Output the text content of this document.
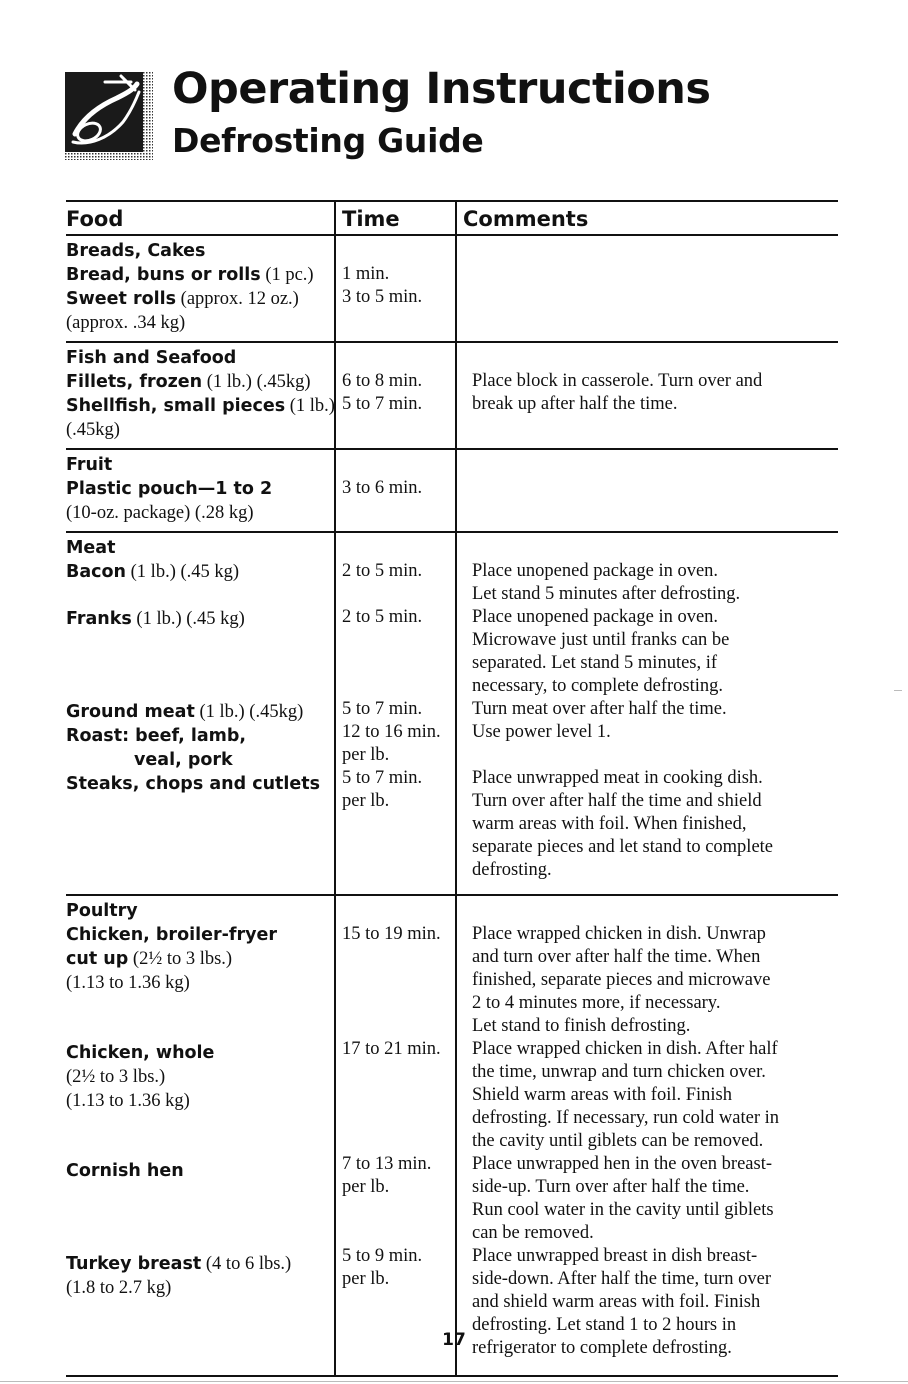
Operating Instructions
Defrosting Guide
Food	Time	Comments
Breads, Cakes
Bread, buns or rolls (1 pc.)
Sweet rolls (approx. 12 oz.)
(approx. .34 kg)
1 min.
3 to 5 min.

Fish and Seafood
Fillets, frozen (1 lb.) (.45kg)
Shellfish, small pieces (1 lb.)
(.45kg)
6 to 8 min.
5 to 7 min.

Place block in casserole. Turn over and
break up after half the time.

Fruit
Plastic pouch—1 to 2
(10-oz. package) (.28 kg)
3 to 6 min.

Meat
Bacon (1 lb.) (.45 kg)

Franks (1 lb.) (.45 kg)

Ground meat (1 lb.) (.45kg)
Roast: beef, lamb,
veal, pork
Steaks, chops and cutlets

2 to 5 min.

2 to 5 min.

5 to 7 min.
12 to 16 min.
per lb.
5 to 7 min.
per lb.

Place unopened package in oven.
Let stand 5 minutes after defrosting.
Place unopened package in oven.
Microwave just until franks can be
separated. Let stand 5 minutes, if
necessary, to complete defrosting.
Turn meat over after half the time.
Use power level 1.

Place unwrapped meat in cooking dish.
Turn over after half the time and shield
warm areas with foil. When finished,
separate pieces and let stand to complete
defrosting.
Poultry
Chicken, broiler-fryer
cut up (2½ to 3 lbs.)
(1.13 to 1.36 kg)

Chicken, whole
(2½ to 3 lbs.)
(1.13 to 1.36 kg)

Cornish hen

Turkey breast (4 to 6 lbs.)
(1.8 to 2.7 kg)

15 to 19 min.

17 to 21 min.

7 to 13 min.
per lb.

5 to 9 min.
per lb.

Place wrapped chicken in dish. Unwrap
and turn over after half the time. When
finished, separate pieces and microwave
2 to 4 minutes more, if necessary.
Let stand to finish defrosting.
Place wrapped chicken in dish. After half
the time, unwrap and turn chicken over.
Shield warm areas with foil. Finish
defrosting. If necessary, run cold water in
the cavity until giblets can be removed.
Place unwrapped hen in the oven breast-
side-up. Turn over after half the time.
Run cool water in the cavity until giblets
can be removed.
Place unwrapped breast in dish breast-
side-down. After half the time, turn over
and shield warm areas with foil. Finish
defrosting. Let stand 1 to 2 hours in
refrigerator to complete defrosting.
17
